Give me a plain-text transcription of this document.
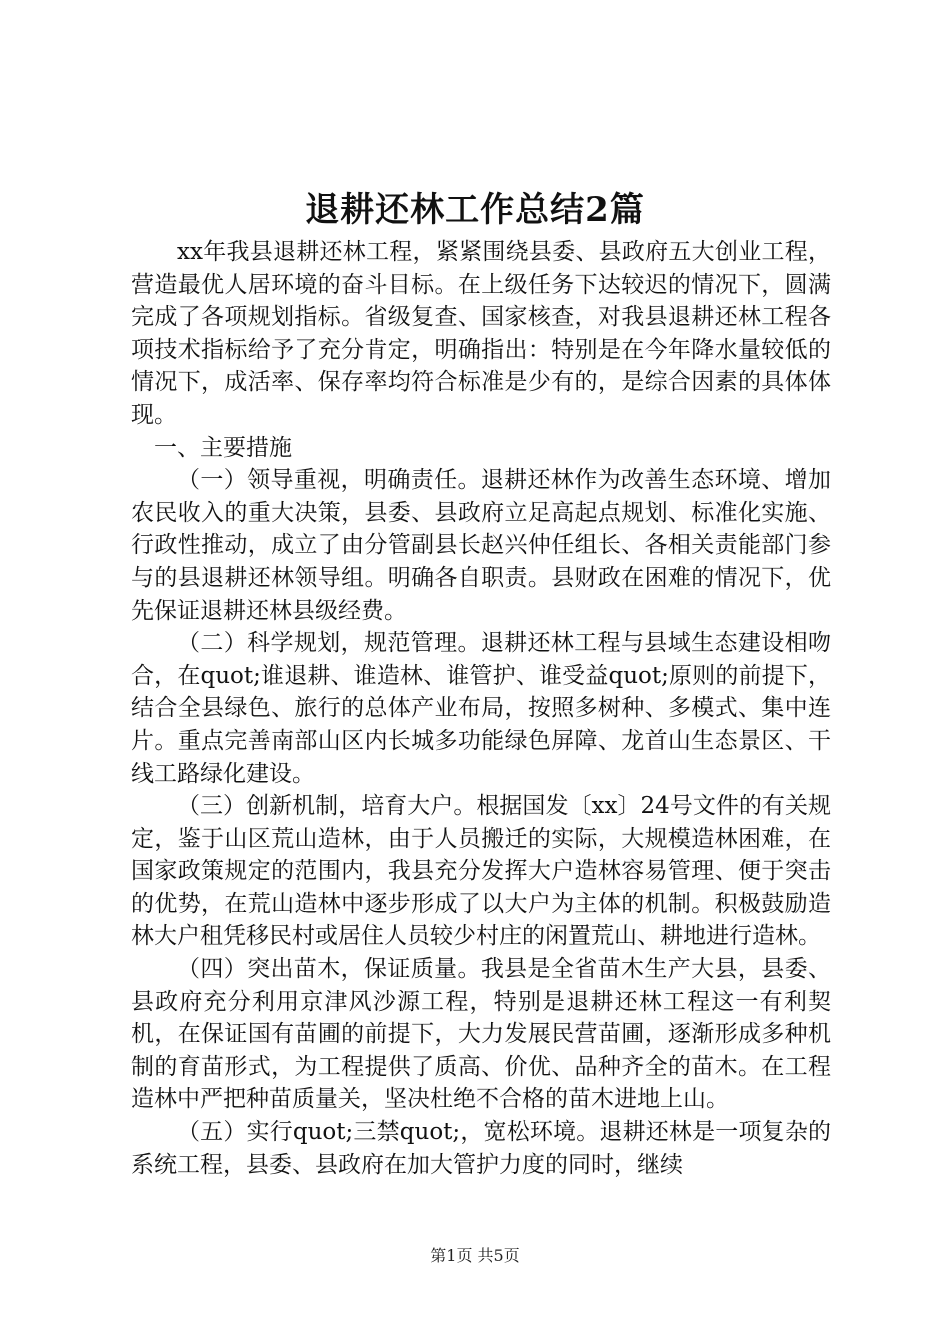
退耕还林工作总结2篇

xx年我县退耕还林工程，紧紧围绕县委、县政府五大创业工程，营造最优人居环境的奋斗目标。在上级任务下达较迟的情况下，圆满完成了各项规划指标。省级复查、国家核查，对我县退耕还林工程各项技术指标给予了充分肯定，明确指出：特别是在今年降水量较低的情况下，成活率、保存率均符合标准是少有的，是综合因素的具体体现。

一、主要措施

（一）领导重视，明确责任。退耕还林作为改善生态环境、增加农民收入的重大决策，县委、县政府立足高起点规划、标准化实施、行政性推动，成立了由分管副县长赵兴仲任组长、各相关责能部门参与的县退耕还林领导组。明确各自职责。县财政在困难的情况下，优先保证退耕还林县级经费。

（二）科学规划，规范管理。退耕还林工程与县域生态建设相吻合，在quot;谁退耕、谁造林、谁管护、谁受益quot;原则的前提下，结合全县绿色、旅行的总体产业布局，按照多树种、多模式、集中连片。重点完善南部山区内长城多功能绿色屏障、龙首山生态景区、干线工路绿化建设。

（三）创新机制，培育大户。根据国发〔xx〕24号文件的有关规定，鉴于山区荒山造林，由于人员搬迁的实际，大规模造林困难，在国家政策规定的范围内，我县充分发挥大户造林容易管理、便于突击的优势，在荒山造林中逐步形成了以大户为主体的机制。积极鼓励造林大户租凭移民村或居住人员较少村庄的闲置荒山、耕地进行造林。

（四）突出苗木，保证质量。我县是全省苗木生产大县，县委、县政府充分利用京津风沙源工程，特别是退耕还林工程这一有利契机，在保证国有苗圃的前提下，大力发展民营苗圃，逐渐形成多种机制的育苗形式，为工程提供了质高、价优、品种齐全的苗木。在工程造林中严把种苗质量关，坚决杜绝不合格的苗木进地上山。

（五）实行quot;三禁quot;，宽松环境。退耕还林是一项复杂的系统工程，县委、县政府在加大管护力度的同时，继续

第1页 共5页
